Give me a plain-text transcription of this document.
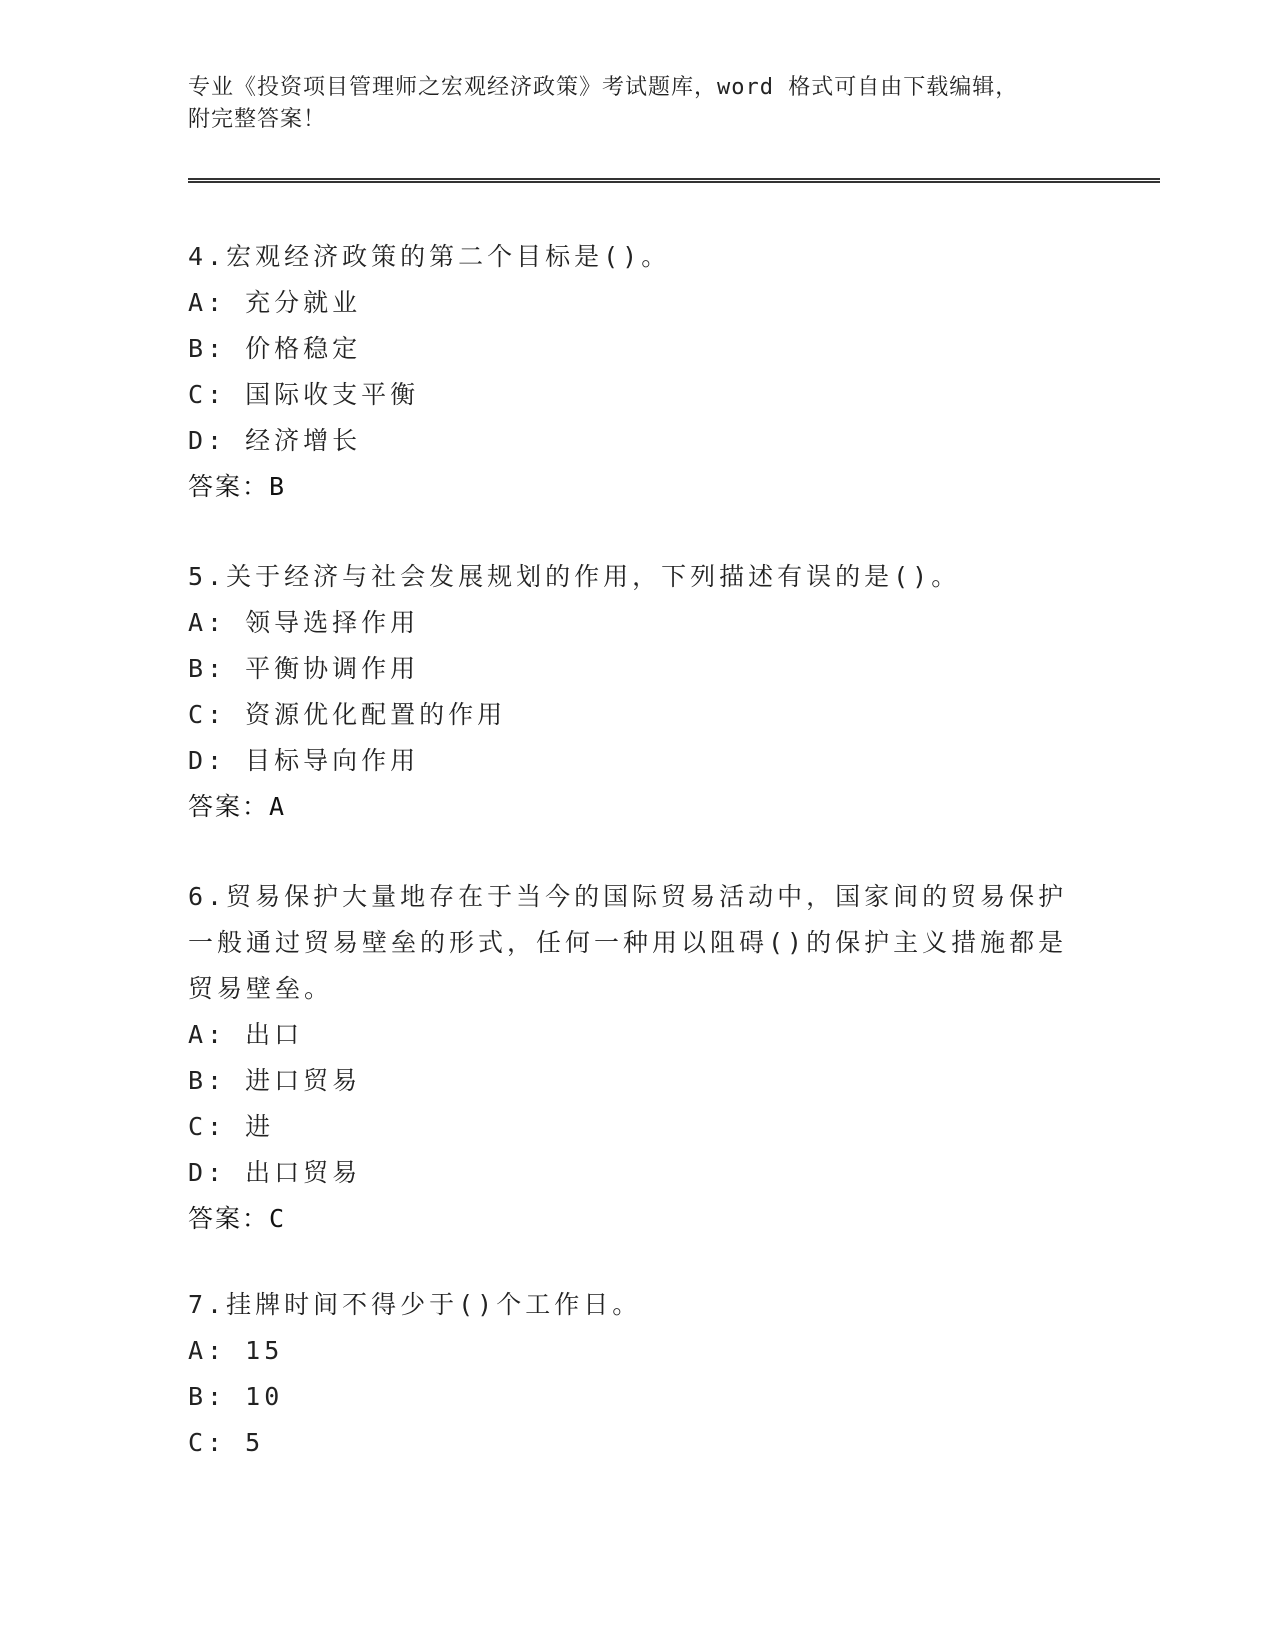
专业《投资项目管理师之宏观经济政策》考试题库，word 格式可自由下载编辑，
附完整答案！

4.宏观经济政策的第二个目标是()。

A: 充分就业

B: 价格稳定

C: 国际收支平衡

D: 经济增长

答案：B

5.关于经济与社会发展规划的作用，下列描述有误的是()。

A: 领导选择作用

B: 平衡协调作用

C: 资源优化配置的作用

D: 目标导向作用

答案：A

6.贸易保护大量地存在于当今的国际贸易活动中，国家间的贸易保护

一般通过贸易壁垒的形式，任何一种用以阻碍()的保护主义措施都是

贸易壁垒。

A: 出口

B: 进口贸易

C: 进

D: 出口贸易

答案：C

7.挂牌时间不得少于()个工作日。

A: 15

B: 10

C: 5
